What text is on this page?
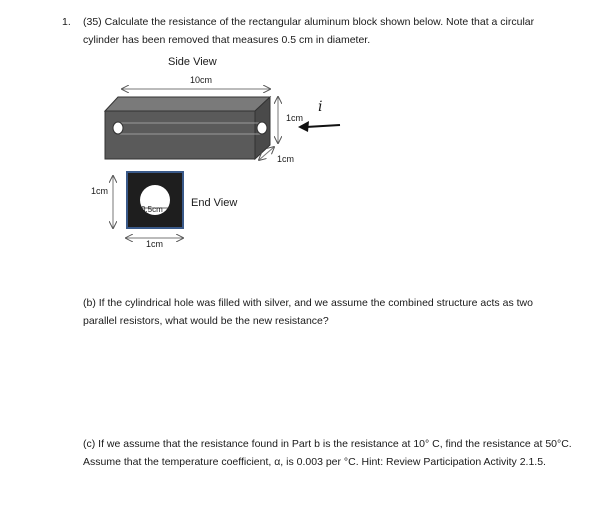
1. (35) Calculate the resistance of the rectangular aluminum block shown below. Note that a circular

cylinder has been removed that measures 0.5 cm in diameter.

Side View

10cm

1cm

i

1cm

1cm

End View

0.5cm

1cm

(b) If the cylindrical hole was filled with silver, and we assume the combined structure acts as two

parallel resistors, what would be the new resistance?

(c) If we assume that the resistance found in Part b is the resistance at 10° C, find the resistance at 50°C.

Assume that the temperature coefficient, α, is 0.003 per °C. Hint: Review Participation Activity 2.1.5.
